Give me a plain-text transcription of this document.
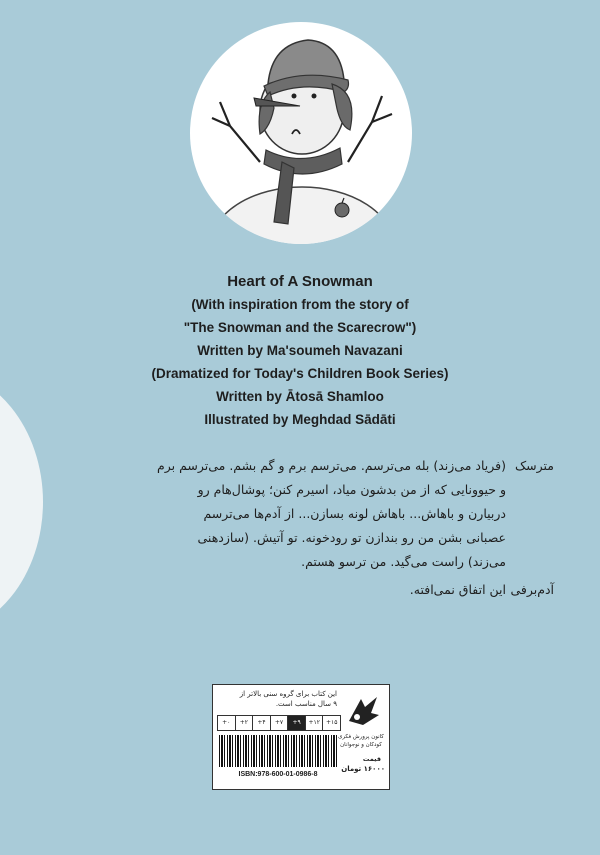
Heart of A Snowman
(With inspiration from the story of
"The Snowman and the Scarecrow")
Written by Ma'soumeh Navazani
(Dramatized for Today's Children Book Series)
Written by Ātosā Shamloo
Illustrated by Meghdad Sādāti
مترسک
(فریاد می‌زند) بله می‌ترسم. می‌ترسم برم و گم بشم. می‌ترسم برم
و حیوونایی که از من بدشون میاد، اسیرم کنن؛ پوشال‌هام رو
دربیارن و باهاش... باهاش لونه بسازن... از آدم‌ها می‌ترسم
عصبانی بشن من رو بندازن تو رودخونه. تو آتیش. (سازدهنی
می‌زند) راست می‌گید. من ترسو هستم.
آدم‌برفی
این اتفاق نمی‌افته.
این کتاب برای گروه سنی بالاتر از
۹ سال مناسب است.
+۰	+۲	+۴	+۷	+۹	+۱۲	+۱۵
کانون پرورش فکری
کودکان و نوجوانان
قیمت
۱۶۰۰۰ تومان
ISBN:978-600-01-0986-8
